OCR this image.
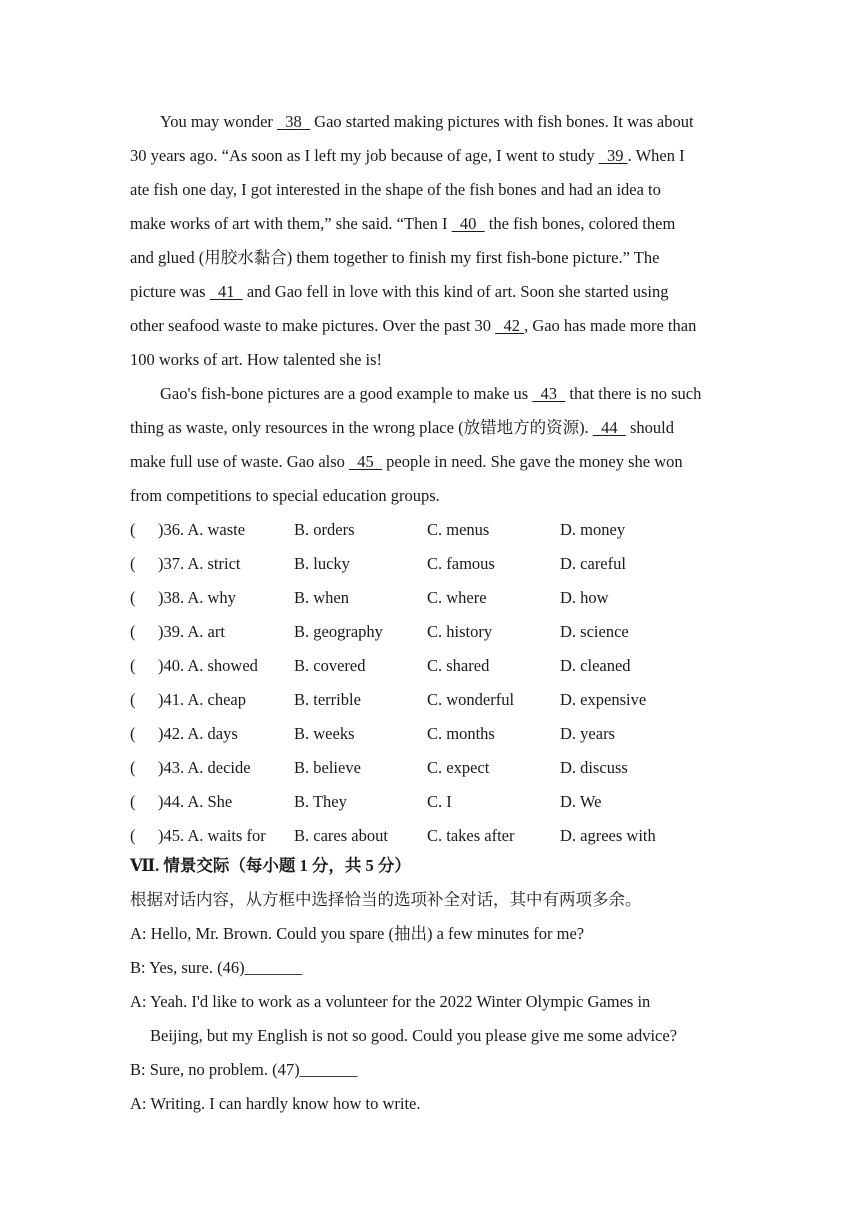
You may wonder   38   Gao started making pictures with fish bones. It was about
30 years ago. “As soon as I left my job because of age, I went to study   39 . When I
ate fish one day, I got interested in the shape of the fish bones and had an idea to
make works of art with them,” she said. “Then I   40   the fish bones, colored them
and glued (用胶水黏合) them together to finish my first fish-bone picture.” The
picture was   41   and Gao fell in love with this kind of art. Soon she started using
other seafood waste to make pictures. Over the past 30   42 , Gao has made more than
100 works of art. How talented she is!
Gao's fish-bone pictures are a good example to make us   43   that there is no such
thing as waste, only resources in the wrong place (放错地方的资源).   44   should
make full use of waste. Gao also   45   people in need. She gave the money she won
from competitions to special education groups.
( )36. A. waste	B. orders	C. menus	D. money
( )37. A. strict	B. lucky	C. famous	D. careful
( )38. A. why	B. when	C. where	D. how
( )39. A. art	B. geography	C. history	D. science
( )40. A. showed B. covered	C. shared	D. cleaned
( )41. A. cheap	B. terrible	C. wonderful	D. expensive
( )42. A. days	B. weeks	C. months	D. years
( )43. A. decide	B. believe	C. expect	D. discuss
( )44. A. She	B. They	C. I	D. We
( )45. A. waits for B. cares about C. takes after	D. agrees with
Ⅶ. 情景交际（每小题 1 分，共 5 分）
根据对话内容，从方框中选择恰当的选项补全对话，其中有两项多余。
A: Hello, Mr. Brown. Could you spare (抽出) a few minutes for me?
B: Yes, sure. (46)_______
A: Yeah. I'd like to work as a volunteer for the 2022 Winter Olympic Games in
Beijing, but my English is not so good. Could you please give me some advice?
B: Sure, no problem. (47)_______
A: Writing. I can hardly know how to write.
